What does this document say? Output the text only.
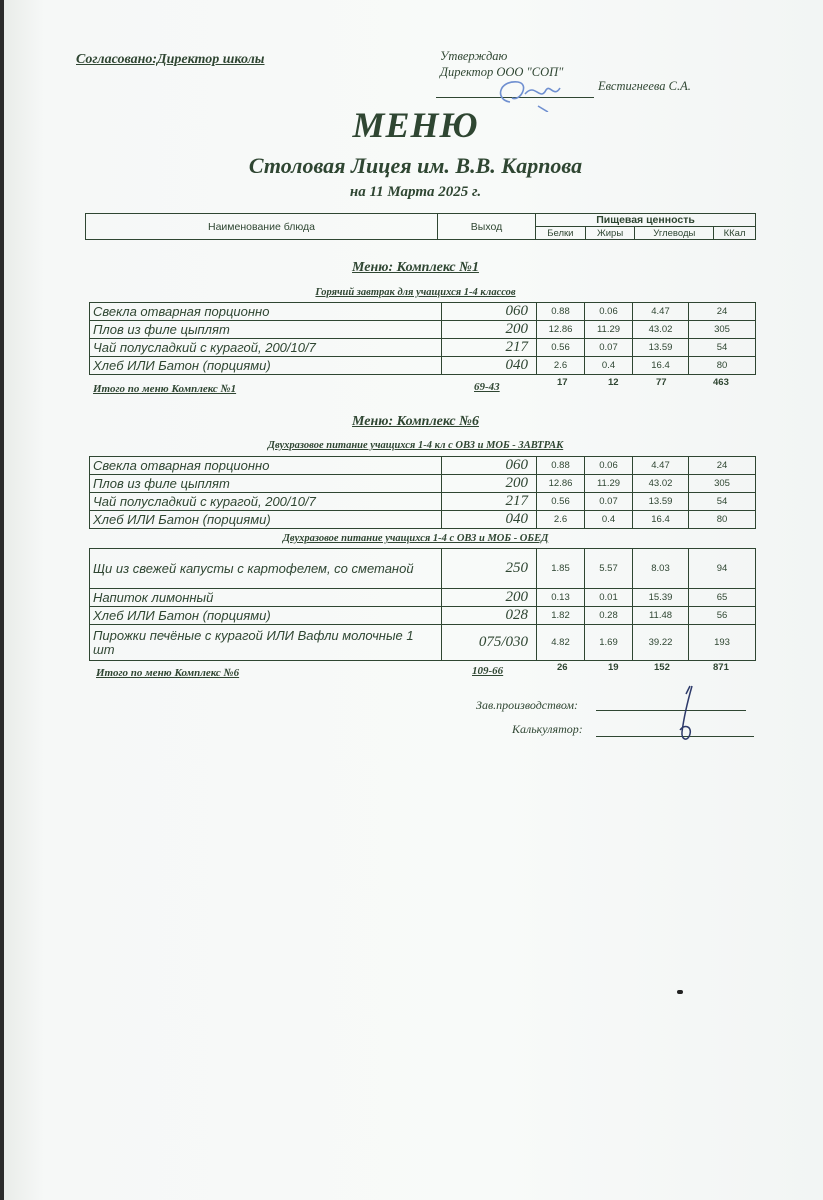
Согласовано:Директор школы	Утверждаю
Директор ООО "СОП"
Евстигнеева С.А.
МЕНЮ
Столовая Лицея им. В.В. Карпова
на 11 Марта 2025 г.
Наименование блюда	Выход	Пищевая ценность			
		Белки	Жиры	Углеводы	ККал
Меню: Комплекс №1
Горячий завтрак для учащихся 1-4 классов
Свекла отварная порционно	060	0.88	0.06	4.47	24
Плов из филе цыплят	200	12.86	11.29	43.02	305
Чай полусладкий с курагой, 200/10/7	217	0.56	0.07	13.59	54
Хлеб ИЛИ Батон (порциями)	040	2.6	0.4	16.4	80
Итого по меню Комплекс №1	69-43	17	12	77	463
Меню: Комплекс №6
Двухразовое питание учащихся 1-4 кл с ОВЗ и МОБ - ЗАВТРАК
Свекла отварная порционно	060	0.88	0.06	4.47	24
Плов из филе цыплят	200	12.86	11.29	43.02	305
Чай полусладкий с курагой, 200/10/7	217	0.56	0.07	13.59	54
Хлеб ИЛИ Батон (порциями)	040	2.6	0.4	16.4	80
Двухразовое питание учащихся 1-4 с ОВЗ и МОБ - ОБЕД
Щи из свежей капусты с картофелем, со сметаной	250	1.85	5.57	8.03	94
Напиток лимонный	200	0.13	0.01	15.39	65
Хлеб ИЛИ Батон (порциями)	028	1.82	0.28	11.48	56
Пирожки печёные с курагой ИЛИ Вафли молочные 1 шт	075/030	4.82	1.69	39.22	193
Итого по меню Комплекс №6	109-66	26	19	152	871
Зав.производством:
Калькулятор:
